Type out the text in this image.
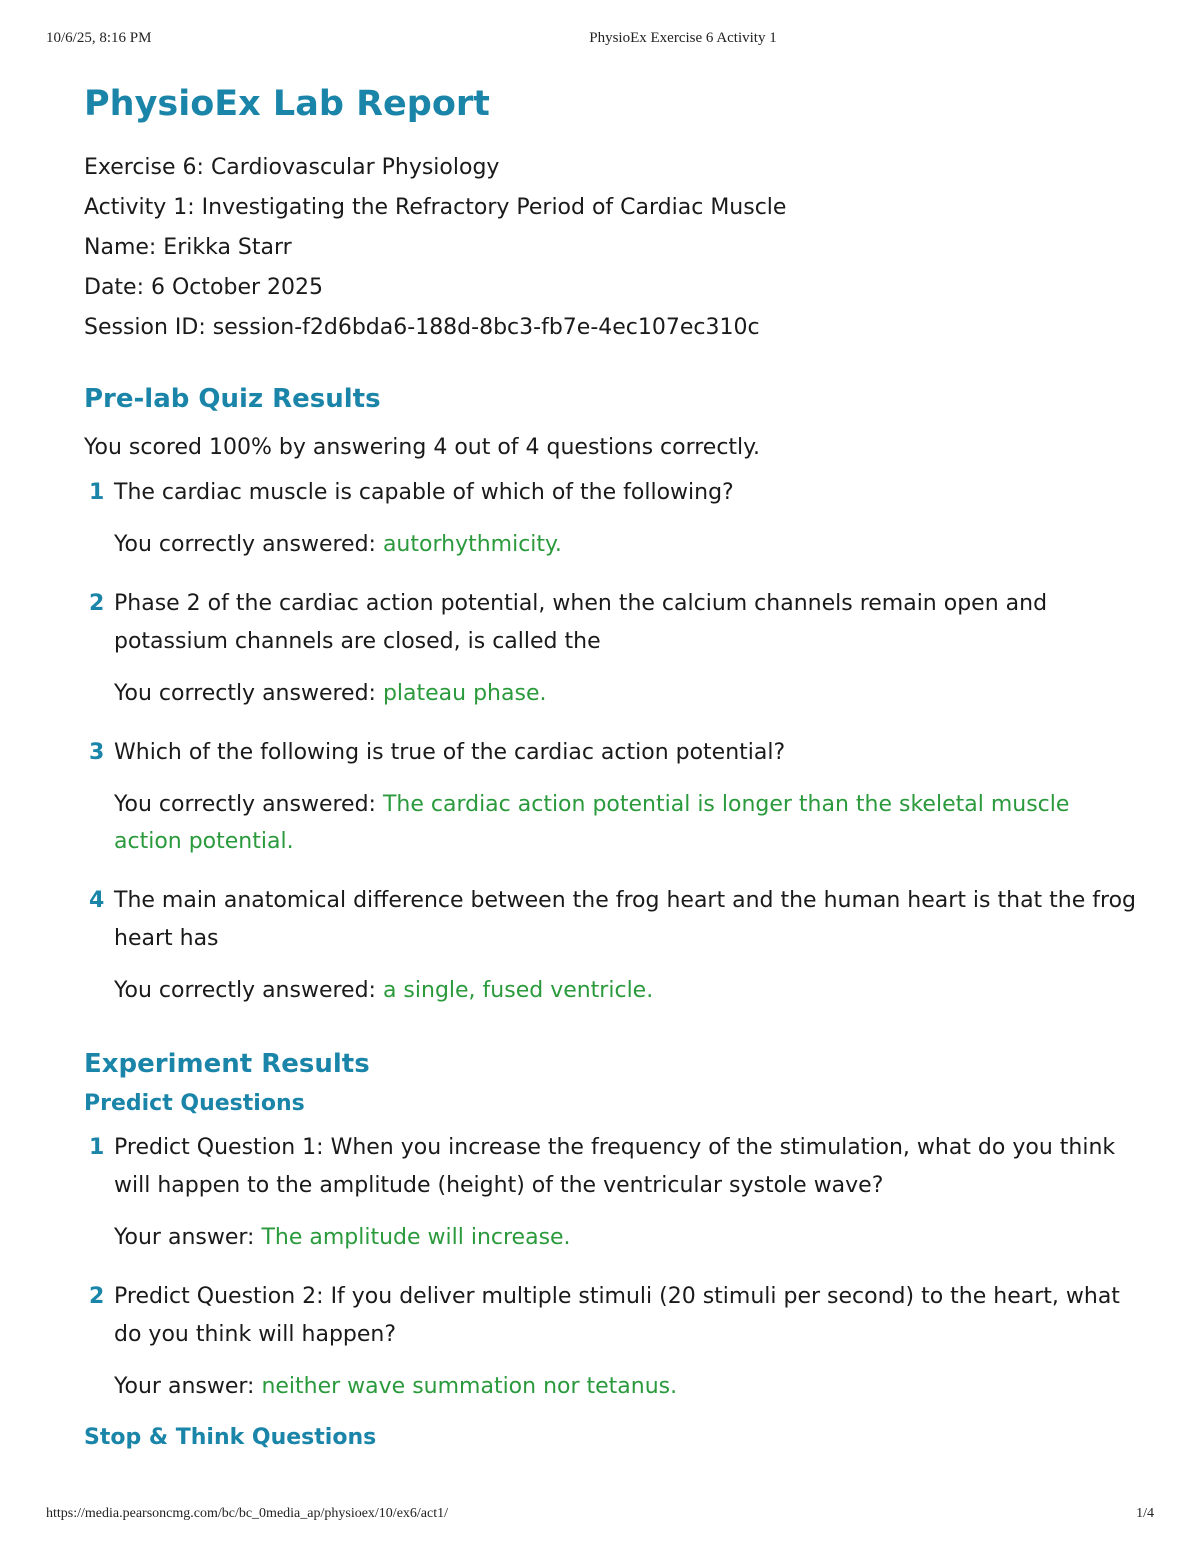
10/6/25, 8:16 PM	PhysioEx Exercise 6 Activity 1
PhysioEx Lab Report
Exercise 6: Cardiovascular Physiology
Activity 1: Investigating the Refractory Period of Cardiac Muscle
Name: Erikka Starr
Date: 6 October 2025
Session ID: session-f2d6bda6-188d-8bc3-fb7e-4ec107ec310c
Pre-lab Quiz Results
You scored 100% by answering 4 out of 4 questions correctly.
1 The cardiac muscle is capable of which of the following?
You correctly answered: autorhythmicity.
2 Phase 2 of the cardiac action potential, when the calcium channels remain open and potassium channels are closed, is called the
You correctly answered: plateau phase.
3 Which of the following is true of the cardiac action potential?
You correctly answered: The cardiac action potential is longer than the skeletal muscle action potential.
4 The main anatomical difference between the frog heart and the human heart is that the frog heart has
You correctly answered: a single, fused ventricle.
Experiment Results
Predict Questions
1 Predict Question 1: When you increase the frequency of the stimulation, what do you think will happen to the amplitude (height) of the ventricular systole wave?
Your answer: The amplitude will increase.
2 Predict Question 2: If you deliver multiple stimuli (20 stimuli per second) to the heart, what do you think will happen?
Your answer: neither wave summation nor tetanus.
Stop & Think Questions
https://media.pearsoncmg.com/bc/bc_0media_ap/physioex/10/ex6/act1/	1/4
